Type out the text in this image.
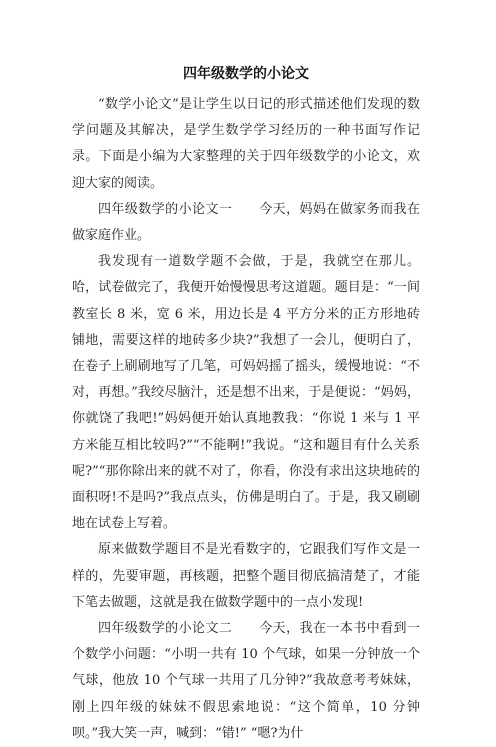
四年级数学的小论文

“数学小论文”是让学生以日记的形式描述他们发现的数学问题及其解决，是学生数学学习经历的一种书面写作记录。下面是小编为大家整理的关于四年级数学的小论文，欢迎大家的阅读。

四年级数学的小论文一　　今天，妈妈在做家务而我在做家庭作业。

我发现有一道数学题不会做，于是，我就空在那儿。哈，试卷做完了，我便开始慢慢思考这道题。题目是：“一间教室长 8 米，宽 6 米，用边长是 4 平方分米的正方形地砖铺地，需要这样的地砖多少块?”我想了一会儿，便明白了，在卷子上刷刷地写了几笔，可妈妈摇了摇头，缓慢地说：“不对，再想。”我绞尽脑汁，还是想不出来，于是便说：“妈妈，你就饶了我吧!”妈妈便开始认真地教我：“你说 1 米与 1 平方米能互相比较吗?”“不能啊!”我说。“这和题目有什么关系呢?”“那你除出来的就不对了，你看，你没有求出这块地砖的面积呀!不是吗?”我点点头，仿佛是明白了。于是，我又刷刷地在试卷上写着。

原来做数学题目不是光看数字的，它跟我们写作文是一样的，先要审题，再核题，把整个题目彻底搞清楚了，才能下笔去做题，这就是我在做数学题中的一点小发现!

四年级数学的小论文二　　今天，我在一本书中看到一个数学小问题：“小明一共有 10 个气球，如果一分钟放一个气球，他放 10 个气球一共用了几分钟?”我故意考考妹妹，刚上四年级的妹妹不假思索地说：“这个简单，10 分钟呗。”我大笑一声，喊到：“错!” “嗯?为什
